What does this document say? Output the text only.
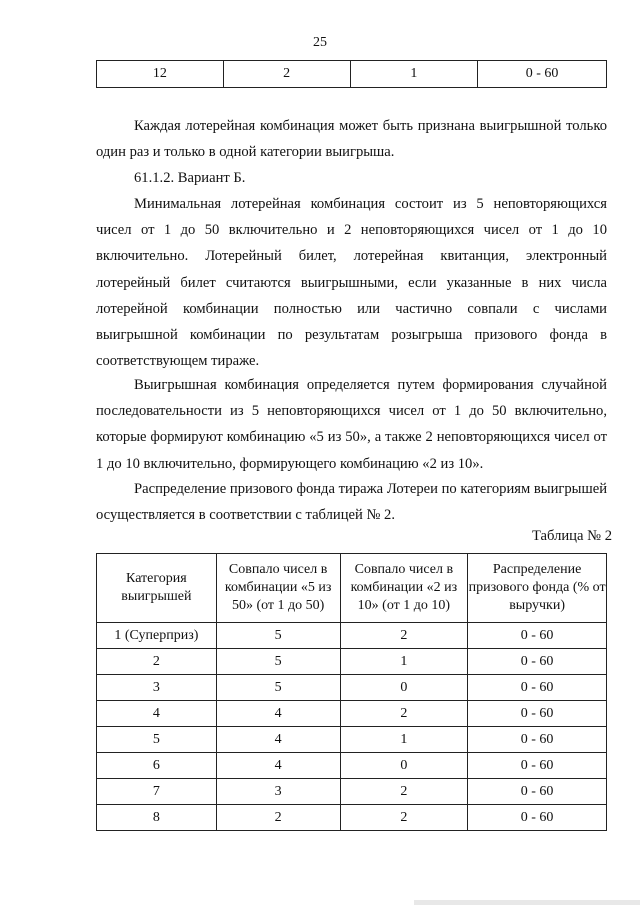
25
12	2	1	0 - 60

Каждая лотерейная комбинация может быть признана выигрышной только один раз и только в одной категории выигрыша.

61.1.2. Вариант Б.

Минимальная лотерейная комбинация состоит из 5 неповторяющихся чисел от 1 до 50 включительно и 2 неповторяющихся чисел от 1 до 10 включительно. Лотерейный билет, лотерейная квитанция, электронный лотерейный билет считаются выигрышными, если указанные в них числа лотерейной комбинации полностью или частично совпали с числами выигрышной комбинации по результатам розыгрыша призового фонда в соответствующем тираже.

Выигрышная комбинация определяется путем формирования случайной последовательности из 5 неповторяющихся чисел от 1 до 50 включительно, которые формируют комбинацию «5 из 50», а также 2 неповторяющихся чисел от 1 до 10 включительно, формирующего комбинацию «2 из 10».

Распределение призового фонда тиража Лотереи по категориям выигрышей осуществляется в соответствии с таблицей № 2.

Таблица № 2
Категория выигрышей	Совпало чисел в комбинации «5 из 50» (от 1 до 50)	Совпало чисел в комбинации «2 из 10» (от 1 до 10)	Распределение призового фонда (% от выручки)
1 (Суперприз)	5	2	0 - 60
2	5	1	0 - 60
3	5	0	0 - 60
4	4	2	0 - 60
5	4	1	0 - 60
6	4	0	0 - 60
7	3	2	0 - 60
8	2	2	0 - 60
